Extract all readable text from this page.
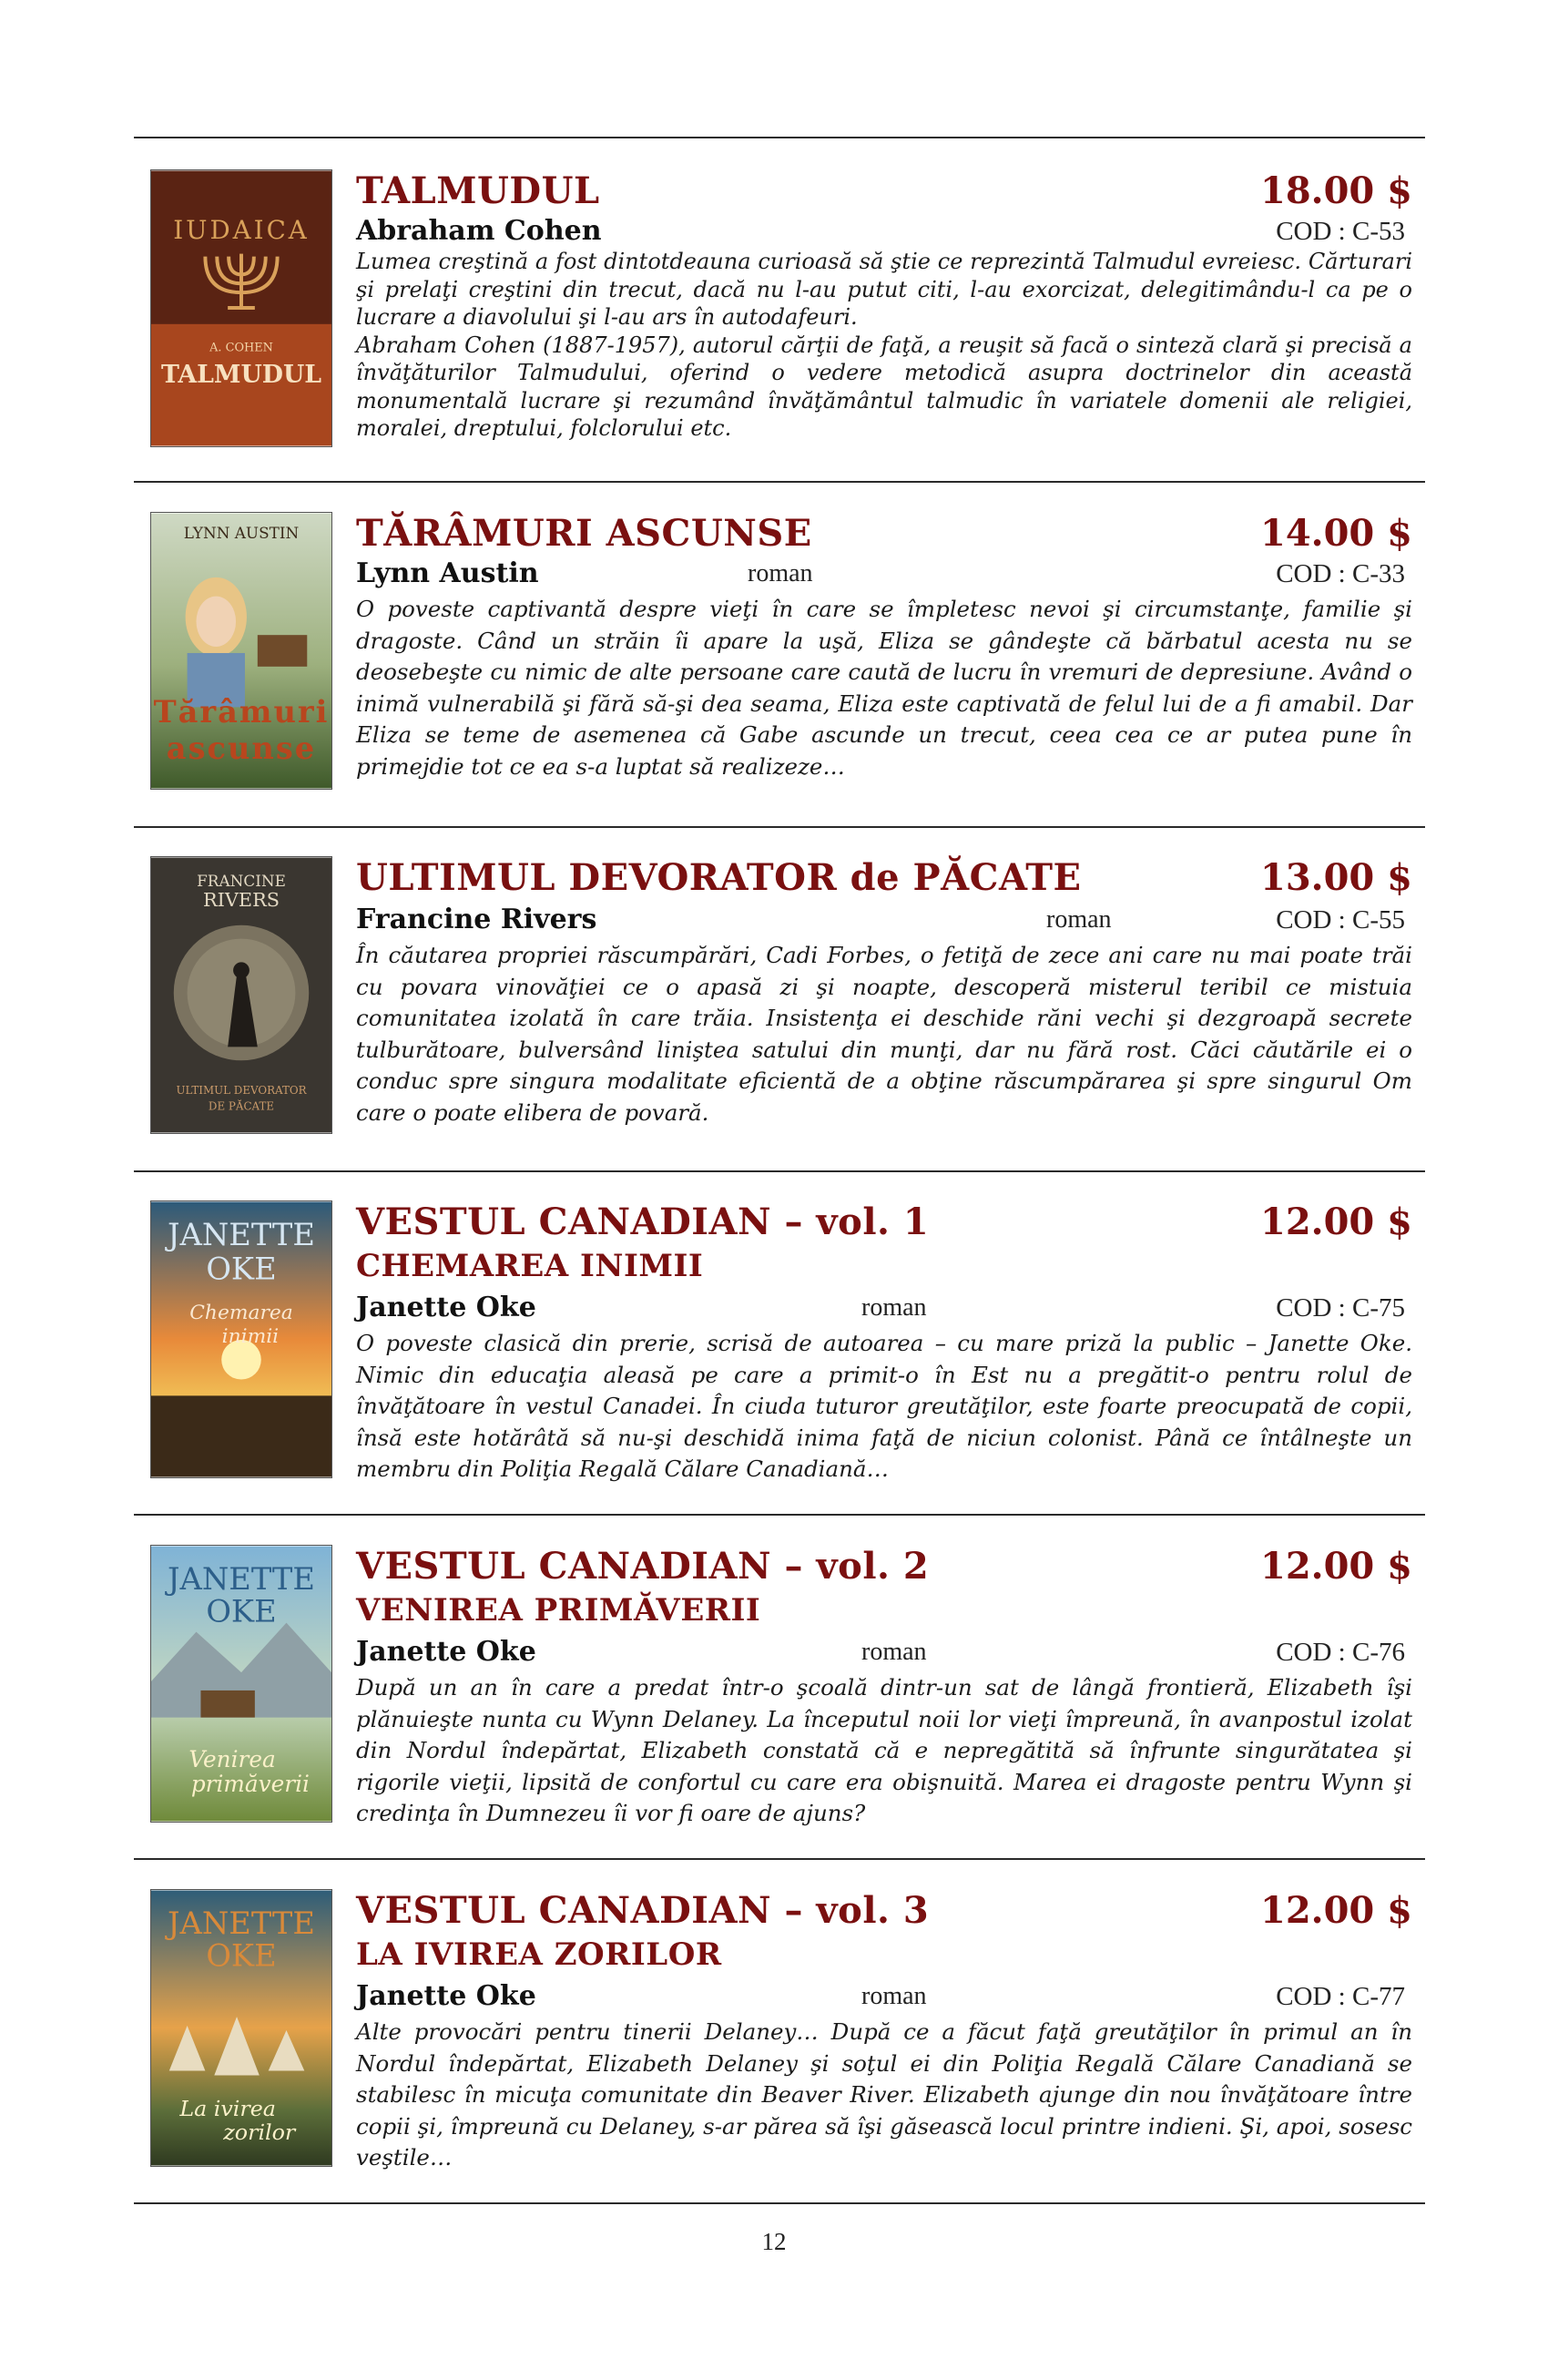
IUDAICA
A. COHEN
TALMUDUL
TALMUDUL	18.00 $
Abraham Cohen	COD : C-53

Lumea creştină a fost dintotdeauna curioasă să ştie ce reprezintă Talmudul evreiesc. Cărturari şi prelaţi creştini din trecut, dacă nu l-au putut citi, l-au exorcizat, delegitimându-l ca pe o lucrare a diavolului şi l-au ars în autodafeuri.

Abraham Cohen (1887-1957), autorul cărţii de faţă, a reuşit să facă o sinteză clară şi precisă a învăţăturilor Talmudului, oferind o vedere metodică asupra doctrinelor din această monumentală lucrare şi rezumând învăţământul talmudic în variatele domenii ale religiei, moralei, dreptului, folclorului etc.

LYNN AUSTIN
Tărâmuri
ascunse
TĂRÂMURI ASCUNSE	14.00 $
Lynn Austin	roman	COD : C-33

O poveste captivantă despre vieţi în care se împletesc nevoi şi circumstanţe, familie şi dragoste. Când un străin îi apare la uşă, Eliza se gândeşte că bărbatul acesta nu se deosebeşte cu nimic de alte persoane care caută de lucru în vremuri de depresiune. Având o inimă vulnerabilă şi fără să-şi dea seama, Eliza este captivată de felul lui de a fi amabil. Dar Eliza se teme de asemenea că Gabe ascunde un trecut, ceea cea ce ar putea pune în primejdie tot ce ea s-a luptat să realizeze…

FRANCINE
RIVERS
ULTIMUL DEVORATOR
DE PĂCATE
ULTIMUL DEVORATOR de PĂCATE	13.00 $
Francine Rivers	roman	COD : C-55

În căutarea propriei răscumpărări, Cadi Forbes, o fetiţă de zece ani care nu mai poate trăi cu povara vinovăţiei ce o apasă zi şi noapte, descoperă misterul teribil ce mistuia comunitatea izolată în care trăia. Insistenţa ei deschide răni vechi şi dezgroapă secrete tulburătoare, bulversând liniştea satului din munţi, dar nu fără rost. Căci căutările ei o conduc spre singura modalitate eficientă de a obţine răscumpărarea şi spre singurul Om care o poate elibera de povară.

JANETTE
OKE
Chemarea
inimii
VESTUL CANADIAN – vol. 1	12.00 $
CHEMAREA INIMII
Janette Oke	roman	COD : C-75

O poveste clasică din prerie, scrisă de autoarea – cu mare priză la public – Janette Oke. Nimic din educaţia aleasă pe care a primit-o în Est nu a pregătit-o pentru rolul de învăţătoare în vestul Canadei. În ciuda tuturor greutăţilor, este foarte preocupată de copii, însă este hotărâtă să nu-şi deschidă inima faţă de niciun colonist. Până ce întâlneşte un membru din Poliţia Regală Călare Canadiană…

JANETTE
OKE
Venirea
primăverii
VESTUL CANADIAN – vol. 2	12.00 $
VENIREA PRIMĂVERII
Janette Oke	roman	COD : C-76

După un an în care a predat într-o şcoală dintr-un sat de lângă frontieră, Elizabeth îşi plănuieşte nunta cu Wynn Delaney. La începutul noii lor vieţi împreună, în avanpostul izolat din Nordul îndepărtat, Elizabeth constată că e nepregătită să înfrunte singurătatea şi rigorile vieţii, lipsită de confortul cu care era obişnuită. Marea ei dragoste pentru Wynn şi credinţa în Dumnezeu îi vor fi oare de ajuns?

JANETTE
OKE
La ivirea
zorilor
VESTUL CANADIAN – vol. 3	12.00 $
LA IVIREA ZORILOR
Janette Oke	roman	COD : C-77

Alte provocări pentru tinerii Delaney… După ce a făcut faţă greutăţilor în primul an în Nordul îndepărtat, Elizabeth Delaney şi soţul ei din Poliţia Regală Călare Canadiană se stabilesc în micuţa comunitate din Beaver River. Elizabeth ajunge din nou învăţătoare între copii şi, împreună cu Delaney, s-ar părea să îşi găsească locul printre indieni. Şi, apoi, sosesc veştile…

12
